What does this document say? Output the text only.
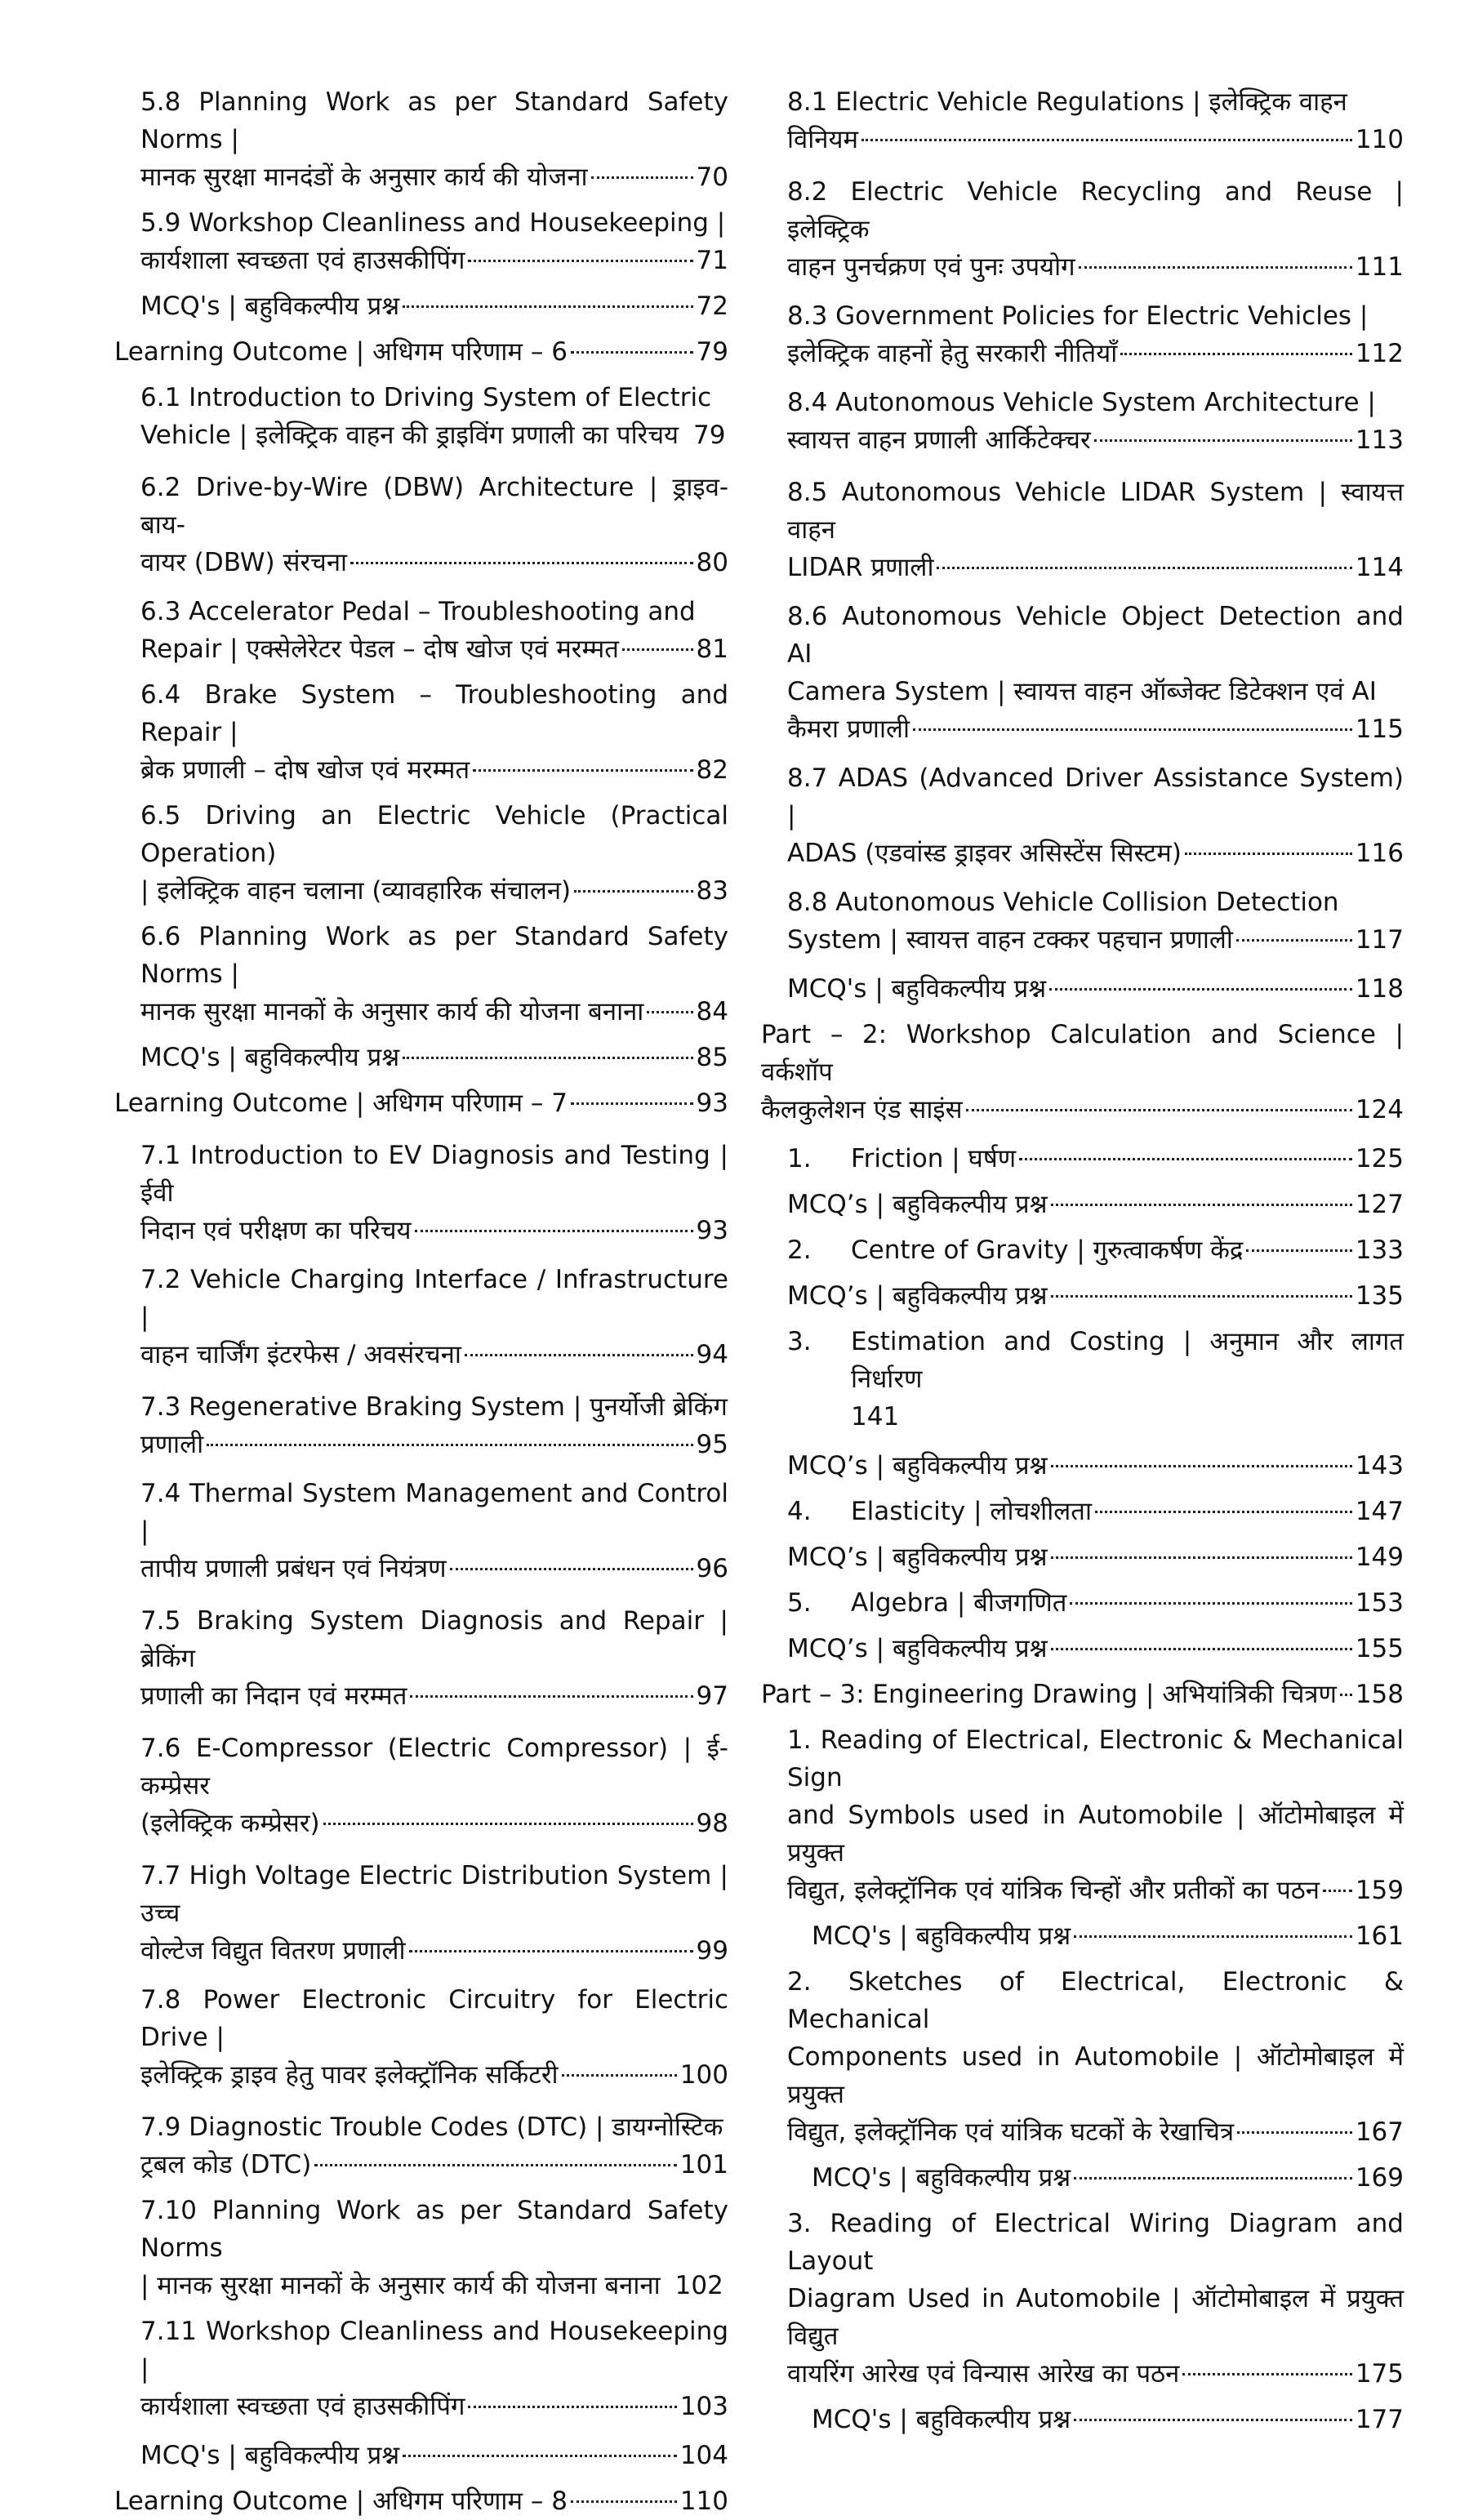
5.8 Planning Work as per Standard Safety Norms |
मानक सुरक्षा मानदंडों के अनुसार कार्य की योजना	70
5.9 Workshop Cleanliness and Housekeeping |
कार्यशाला स्वच्छता एवं हाउसकीपिंग	71
MCQ's | बहुविकल्पीय प्रश्न	72
Learning Outcome | अधिगम परिणाम – 6	79
6.1 Introduction to Driving System of Electric
Vehicle | इलेक्ट्रिक वाहन की ड्राइविंग प्रणाली का परिचय 79
6.2 Drive-by-Wire (DBW) Architecture | ड्राइव-बाय-
वायर (DBW) संरचना	80
6.3 Accelerator Pedal – Troubleshooting and
Repair | एक्सेलेरेटर पेडल – दोष खोज एवं मरम्मत	81
6.4 Brake System – Troubleshooting and Repair |
ब्रेक प्रणाली – दोष खोज एवं मरम्मत	82
6.5 Driving an Electric Vehicle (Practical Operation)
| इलेक्ट्रिक वाहन चलाना (व्यावहारिक संचालन)	83
6.6 Planning Work as per Standard Safety Norms |
मानक सुरक्षा मानकों के अनुसार कार्य की योजना बनाना 84
MCQ's | बहुविकल्पीय प्रश्न	85
Learning Outcome | अधिगम परिणाम – 7	93
7.1 Introduction to EV Diagnosis and Testing | ईवी
निदान एवं परीक्षण का परिचय	93
7.2 Vehicle Charging Interface / Infrastructure |
वाहन चार्जिंग इंटरफेस / अवसंरचना	94
7.3 Regenerative Braking System | पुनर्योजी ब्रेकिंग
प्रणाली	95
7.4 Thermal System Management and Control |
तापीय प्रणाली प्रबंधन एवं नियंत्रण	96
7.5 Braking System Diagnosis and Repair | ब्रेकिंग
प्रणाली का निदान एवं मरम्मत	97
7.6 E-Compressor (Electric Compressor) | ई-कम्प्रेसर
(इलेक्ट्रिक कम्प्रेसर)	98
7.7 High Voltage Electric Distribution System | उच्च
वोल्टेज विद्युत वितरण प्रणाली	99
7.8 Power Electronic Circuitry for Electric Drive |
इलेक्ट्रिक ड्राइव हेतु पावर इलेक्ट्रॉनिक सर्किटरी	100
7.9 Diagnostic Trouble Codes (DTC) | डायग्नोस्टिक
ट्रबल कोड (DTC)	101
7.10 Planning Work as per Standard Safety Norms
| मानक सुरक्षा मानकों के अनुसार कार्य की योजना बनाना 102
7.11 Workshop Cleanliness and Housekeeping |
कार्यशाला स्वच्छता एवं हाउसकीपिंग	103
MCQ's | बहुविकल्पीय प्रश्न	104
Learning Outcome | अधिगम परिणाम – 8	110
8.1 Electric Vehicle Regulations | इलेक्ट्रिक वाहन
विनियम	110
8.2 Electric Vehicle Recycling and Reuse | इलेक्ट्रिक
वाहन पुनर्चक्रण एवं पुनः उपयोग	111
8.3 Government Policies for Electric Vehicles |
इलेक्ट्रिक वाहनों हेतु सरकारी नीतियाँ	112
8.4 Autonomous Vehicle System Architecture |
स्वायत्त वाहन प्रणाली आर्किटेक्चर	113
8.5 Autonomous Vehicle LIDAR System | स्वायत्त वाहन
LIDAR प्रणाली	114
8.6 Autonomous Vehicle Object Detection and AI
Camera System | स्वायत्त वाहन ऑब्जेक्ट डिटेक्शन एवं AI
कैमरा प्रणाली	115
8.7 ADAS (Advanced Driver Assistance System) |
ADAS (एडवांस्ड ड्राइवर असिस्टेंस सिस्टम)	116
8.8 Autonomous Vehicle Collision Detection
System | स्वायत्त वाहन टक्कर पहचान प्रणाली	117
MCQ's | बहुविकल्पीय प्रश्न	118
Part – 2: Workshop Calculation and Science | वर्कशॉप
कैलकुलेशन एंड साइंस	124
1. Friction | घर्षण	125
MCQ’s | बहुविकल्पीय प्रश्न	127
2. Centre of Gravity | गुरुत्वाकर्षण केंद्र	133
MCQ’s | बहुविकल्पीय प्रश्न	135
3. Estimation and Costing | अनुमान और लागत निर्धारण
141
MCQ’s | बहुविकल्पीय प्रश्न	143
4. Elasticity | लोचशीलता	147
MCQ’s | बहुविकल्पीय प्रश्न	149
5. Algebra | बीजगणित	153
MCQ’s | बहुविकल्पीय प्रश्न	155
Part – 3: Engineering Drawing | अभियांत्रिकी चित्रण 158
1. Reading of Electrical, Electronic & Mechanical Sign
and Symbols used in Automobile | ऑटोमोबाइल में प्रयुक्त
विद्युत, इलेक्ट्रॉनिक एवं यांत्रिक चिन्हों और प्रतीकों का पठन 159
MCQ's | बहुविकल्पीय प्रश्न	161
2. Sketches of Electrical, Electronic & Mechanical
Components used in Automobile | ऑटोमोबाइल में प्रयुक्त
विद्युत, इलेक्ट्रॉनिक एवं यांत्रिक घटकों के रेखाचित्र	167
MCQ's | बहुविकल्पीय प्रश्न	169
3. Reading of Electrical Wiring Diagram and Layout
Diagram Used in Automobile | ऑटोमोबाइल में प्रयुक्त विद्युत
वायरिंग आरेख एवं विन्यास आरेख का पठन	175
MCQ's | बहुविकल्पीय प्रश्न	177
